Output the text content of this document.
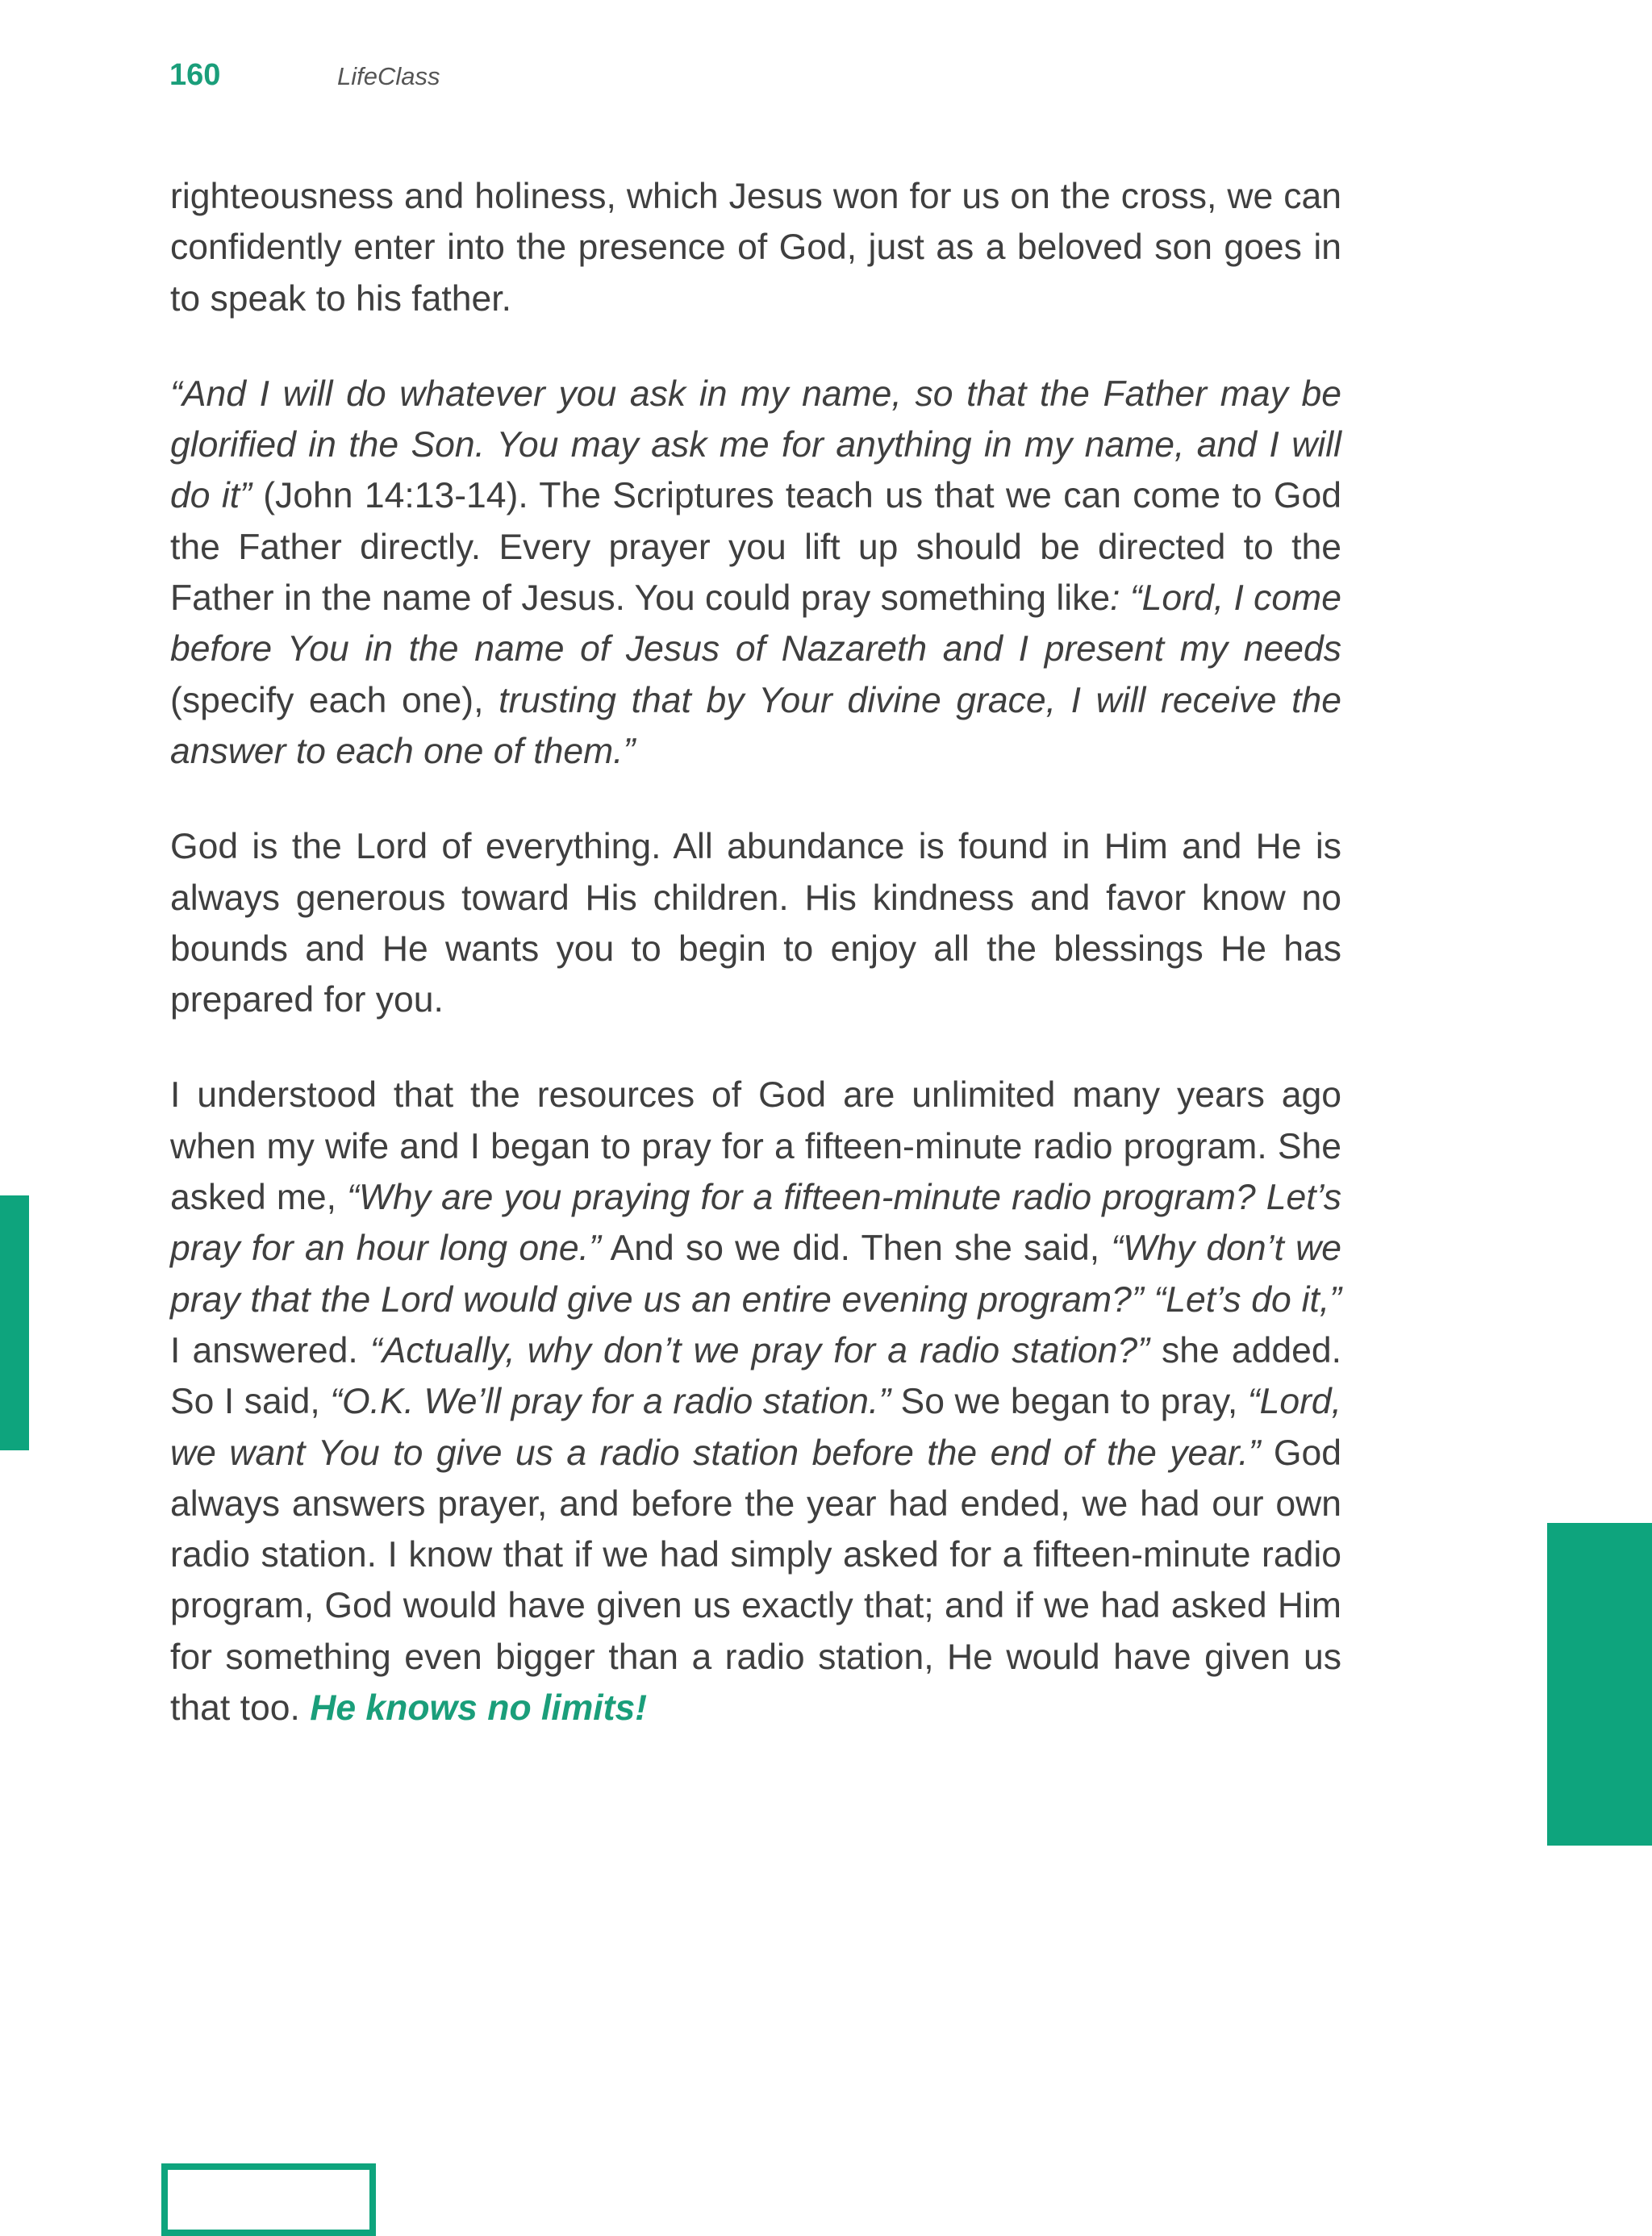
160	LifeClass

righteousness and holiness, which Jesus won for us on the cross, we can confidently enter into the presence of God, just as a beloved son goes in to speak to his father.

“And I will do whatever you ask in my name, so that the Father may be glorified in the Son. You may ask me for anything in my name, and I will do it” (John 14:13-14). The Scriptures teach us that we can come to God the Father directly. Every prayer you lift up should be directed to the Father in the name of Jesus. You could pray something like: “Lord, I come before You in the name of Jesus of Nazareth and I present my needs (specify each one), trusting that by Your divine grace, I will receive the answer to each one of them.”

God is the Lord of everything. All abundance is found in Him and He is always generous toward His children. His kindness and favor know no bounds and He wants you to begin to enjoy all the blessings He has prepared for you.

I understood that the resources of God are unlimited many years ago when my wife and I began to pray for a fifteen-minute radio program. She asked me, “Why are you praying for a fifteen-minute radio program? Let’s pray for an hour long one.” And so we did. Then she said, “Why don’t we pray that the Lord would give us an entire evening program?” “Let’s do it,” I answered. “Actually, why don’t we pray for a radio station?” she added. So I said, “O.K. We’ll pray for a radio station.” So we began to pray, “Lord, we want You to give us a radio station before the end of the year.” God always answers prayer, and before the year had ended, we had our own radio station. I know that if we had simply asked for a fifteen-minute radio program, God would have given us exactly that; and if we had asked Him for something even bigger than a radio station, He would have given us that too. He knows no limits!
